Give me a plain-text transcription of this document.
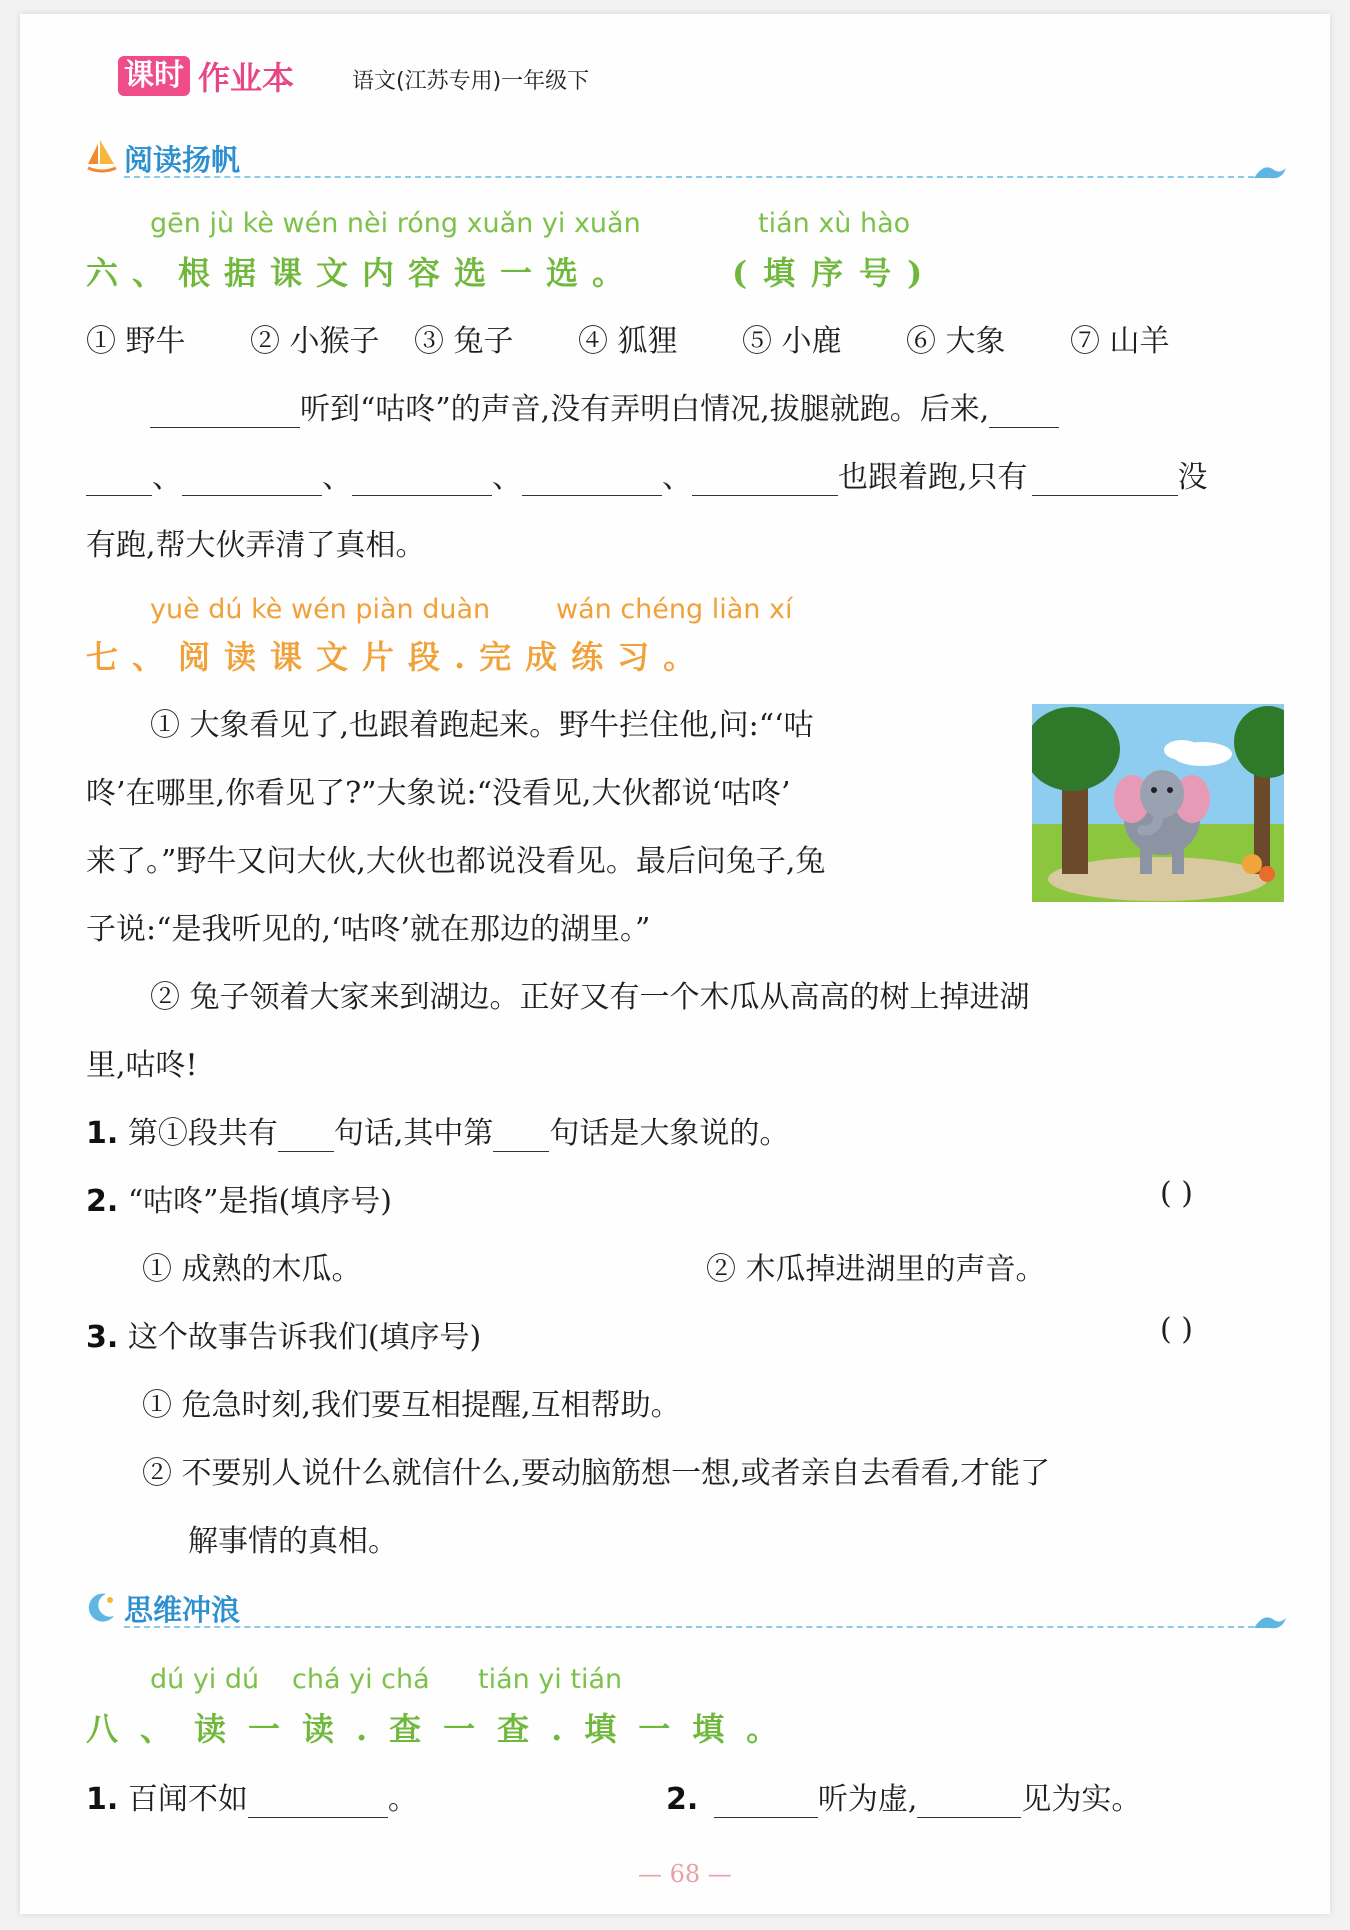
课时 作业本	语文(江苏专用)一年级下
阅读扬帆
gēn jù kè wén nèi róng xuǎn yi xuǎn	tián xù hào
六、根据课文内容选一选。	(填序号)
① 野牛 ② 小猴子 ③ 兔子 ④ 狐狸 ⑤ 小鹿 ⑥ 大象 ⑦ 山羊
听到“咕咚”的声音,没有弄明白情况,拔腿就跑。后来,
、	、	、	、	也跟着跑,只有	没
有跑,帮大伙弄清了真相。
yuè dú kè wén piàn duàn wán chéng liàn xí
七、阅读课文片段.完成练习。
① 大象看见了,也跟着跑起来。野牛拦住他,问:“‘咕
咚’在哪里,你看见了?”大象说:“没看见,大伙都说‘咕咚’
来了。”野牛又问大伙,大伙也都说没看见。最后问兔子,兔
子说:“是我听见的,‘咕咚’就在那边的湖里。”
② 兔子领着大家来到湖边。正好又有一个木瓜从高高的树上掉进湖
里,咕咚!
1. 第①段共有 句话,其中第 句话是大象说的。
2. “咕咚”是指(填序号)	( )
① 成熟的木瓜。	② 木瓜掉进湖里的声音。
3. 这个故事告诉我们(填序号)	( )
① 危急时刻,我们要互相提醒,互相帮助。
② 不要别人说什么就信什么,要动脑筋想一想,或者亲自去看看,才能了
解事情的真相。
思维冲浪
dú yi dú chá yi chá tián yi tián
八、读一读.查一查.填一填。
1. 百闻不如	。	2.	听为虚,	见为实。
— 68 —
